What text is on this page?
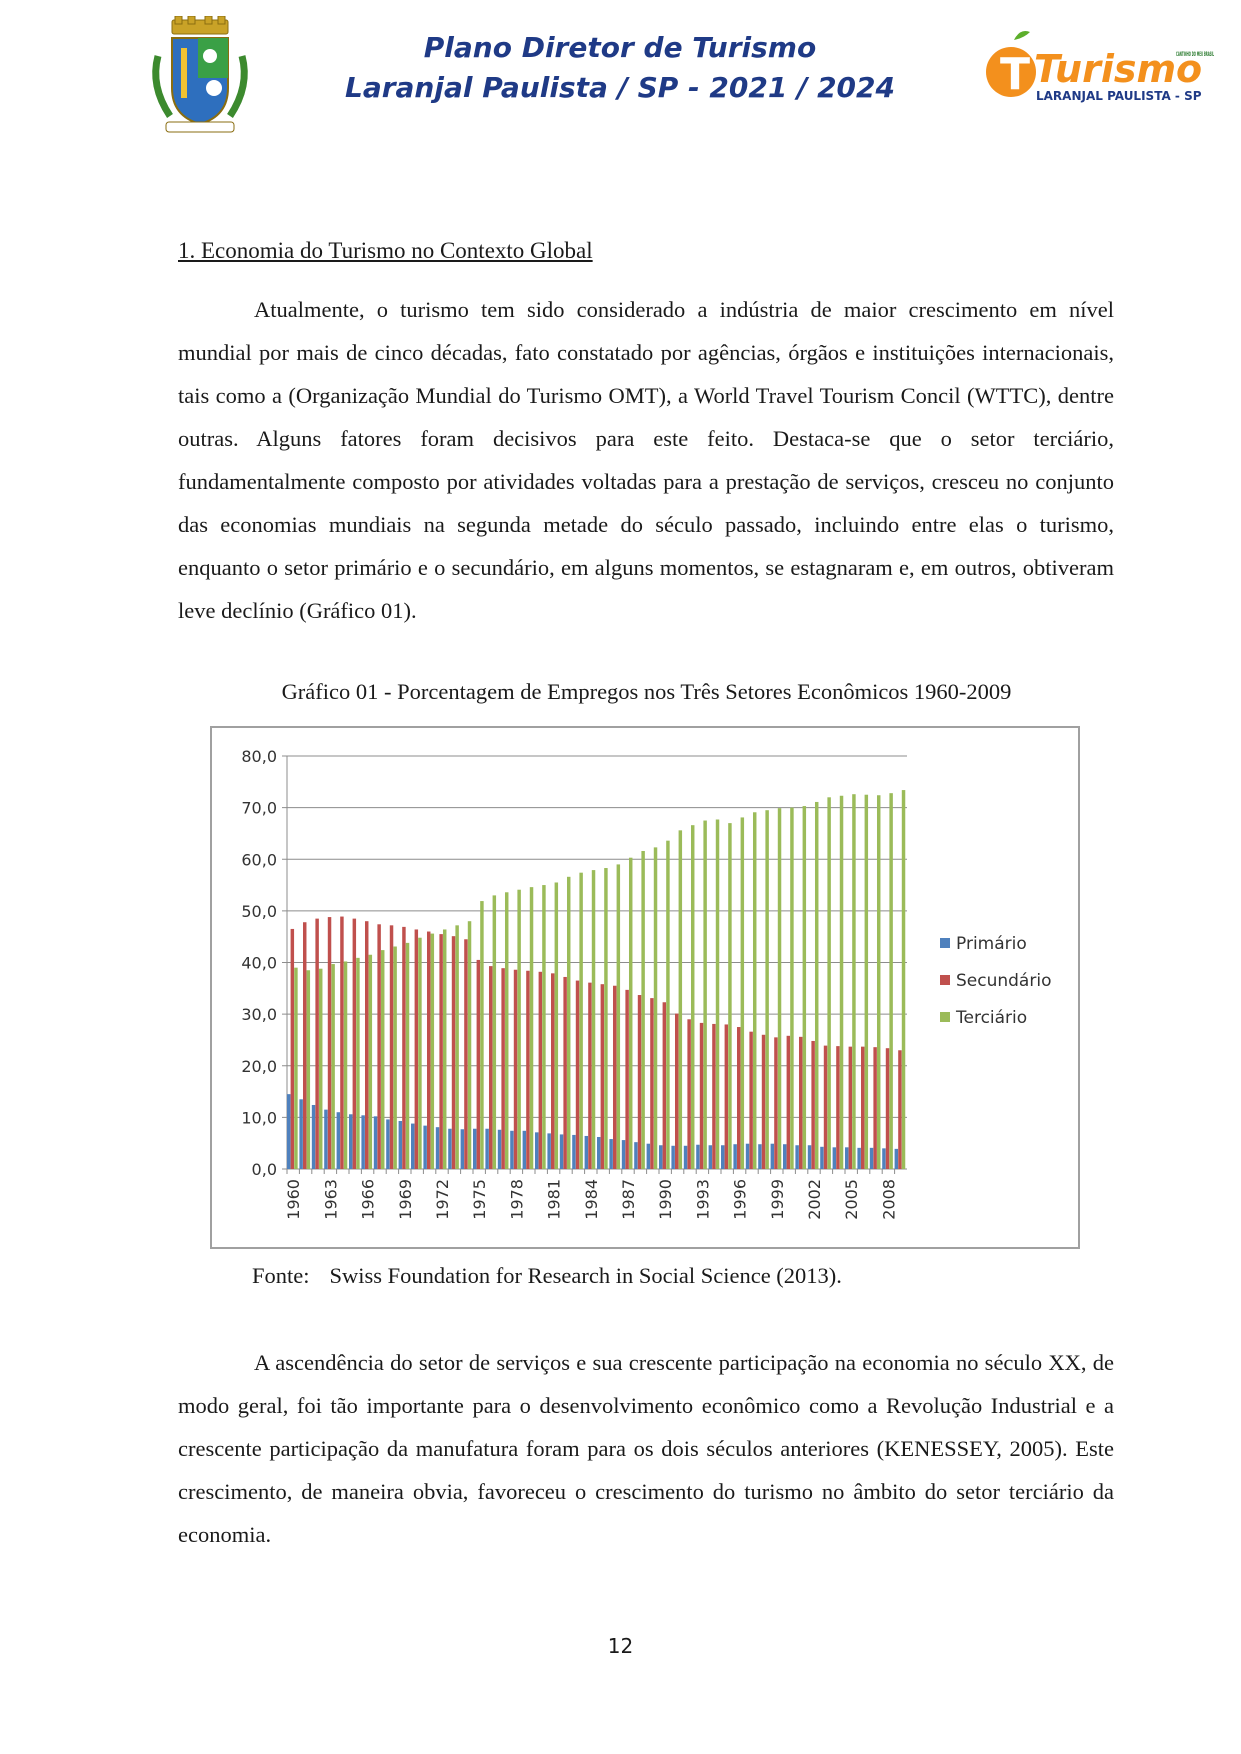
Plano Diretor de Turismo
Laranjal Paulista / SP - 2021 / 2024	T Turismo
CANTINHO DO MEU BRASIL
LARANJAL PAULISTA - SP
1. Economia do Turismo no Contexto Global

Atualmente, o turismo tem sido considerado a indústria de maior crescimento em nível mundial por mais de cinco décadas, fato constatado por agências, órgãos e instituições internacionais, tais como a (Organização Mundial do Turismo OMT), a World Travel Tourism Concil (WTTC), dentre outras. Alguns fatores foram decisivos para este feito. Destaca-se que o setor terciário, fundamentalmente composto por atividades voltadas para a prestação de serviços, cresceu no conjunto das economias mundiais na segunda metade do século passado, incluindo entre elas o turismo, enquanto o setor primário e o secundário, em alguns momentos, se estagnaram e, em outros, obtiveram leve declínio (Gráfico 01).

Gráfico 01 - Porcentagem de Empregos nos Três Setores Econômicos 1960-2009
0,0
10,0
20,0
30,0
40,0
50,0
60,0
70,0
80,0
1960 1963 1966 1969 1972 1975 1978 1981 1984 1987 1990 1993 1996 1999 2002 2005 2008
Primário
Secundário
Terciário
Fonte: Swiss Foundation for Research in Social Science (2013).

A ascendência do setor de serviços e sua crescente participação na economia no século XX, de modo geral, foi tão importante para o desenvolvimento econômico como a Revolução Industrial e a crescente participação da manufatura foram para os dois séculos anteriores (KENESSEY, 2005). Este crescimento, de maneira obvia, favoreceu o crescimento do turismo no âmbito do setor terciário da economia.

12
